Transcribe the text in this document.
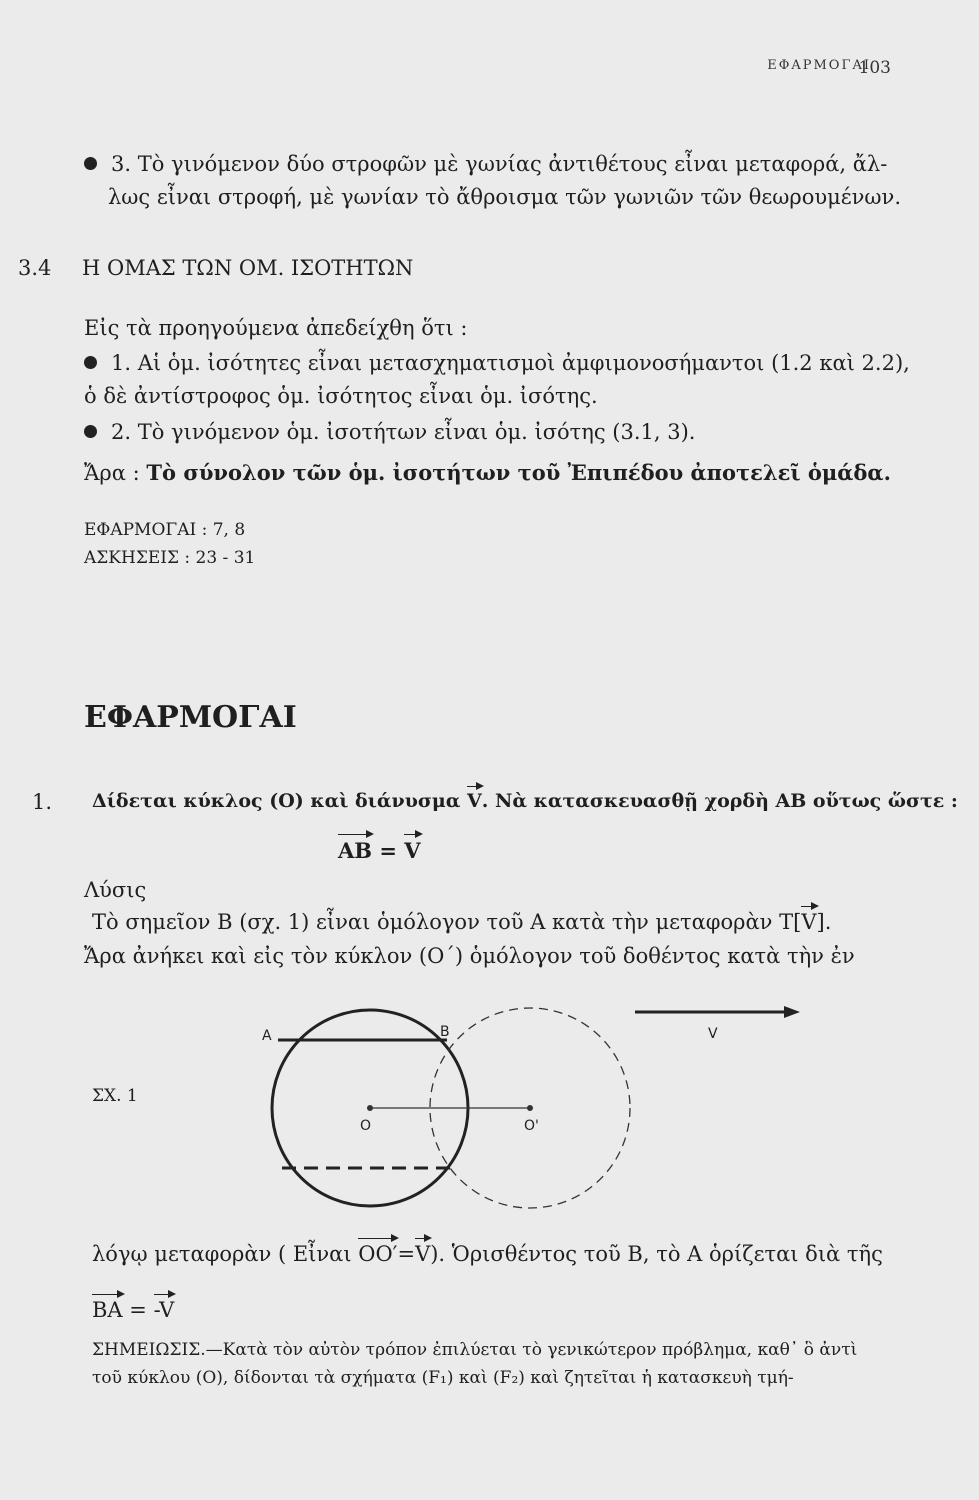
ΕΦΑΡΜΟΓΑΙ
103
3. Τὸ γινόμενον δύο στροφῶν μὲ γωνίας ἀντιθέτους εἶναι μεταφορά, ἄλ-
λως εἶναι στροφή, μὲ γωνίαν τὸ ἄθροισμα τῶν γωνιῶν τῶν θεωρουμένων.
3.4 Η ΟΜΑΣ ΤΩΝ ΟΜ. ΙΣΟΤΗΤΩΝ
Εἰς τὰ προηγούμενα ἀπεδείχθη ὅτι :
1. Αἱ ὁμ. ἰσότητες εἶναι μετασχηματισμοὶ ἀμφιμονοσήμαντοι (1.2 καὶ 2.2),
ὁ δὲ ἀντίστροφος ὁμ. ἰσότητος εἶναι ὁμ. ἰσότης.
2. Τὸ γινόμενον ὁμ. ἰσοτήτων εἶναι ὁμ. ἰσότης (3.1, 3).
Ἄρα : Τὸ σύνολον τῶν ὁμ. ἰσοτήτων τοῦ Ἐπιπέδου ἀποτελεῖ ὁμάδα.
ΕΦΑΡΜΟΓΑΙ : 7, 8
ΑΣΚΗΣΕΙΣ : 23 - 31
ΕΦΑΡΜΟΓΑΙ
1. Δίδεται κύκλος (Ο) καὶ διάνυσμα V. Νὰ κατασκευασθῇ χορδὴ ΑΒ οὕτως ὥστε :
AB = V
Λύσις
Τὸ σημεῖον Β (σχ. 1) εἶναι ὁμόλογον τοῦ Α κατὰ τὴν μεταφορὰν T[V].
Ἄρα ἀνήκει καὶ εἰς τὸν κύκλον (Ο΄) ὁμόλογον τοῦ δοθέντος κατὰ τὴν ἐν
A	B
O	O'
V
ΣΧ. 1
λόγῳ μεταφορὰν ( Εἶναι OO′=V). Ὁρισθέντος τοῦ Β, τὸ Α ὁρίζεται διὰ τῆς
BA = -V
ΣΗΜΕΙΩΣΙΣ.—Κατὰ τὸν αὐτὸν τρόπον ἐπιλύεται τὸ γενικώτερον πρόβλημα, καθ᾽ ὃ ἀντὶ
τοῦ κύκλου (Ο), δίδονται τὰ σχήματα (F₁) καὶ (F₂) καὶ ζητεῖται ἡ κατασκευὴ τμή-
